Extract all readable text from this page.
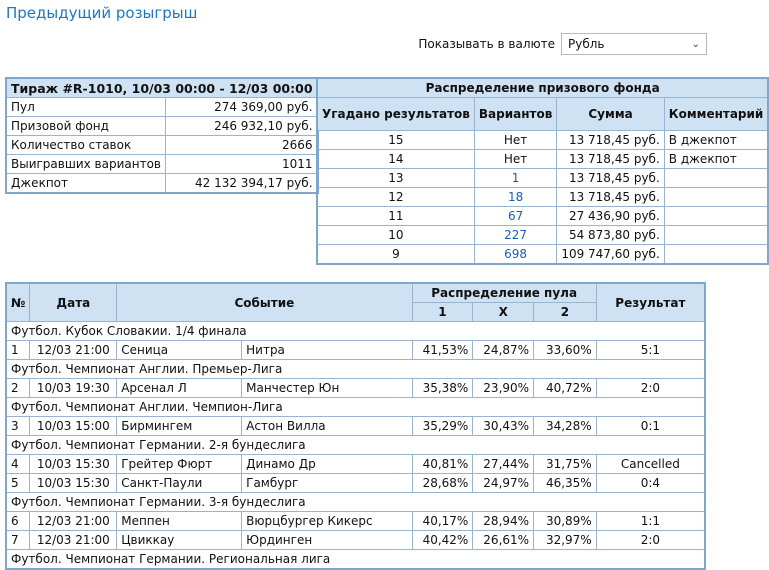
Предыдущий розыгрыш
Показывать в валюте Рубль	⌄
Тираж #R-1010, 10/03 00:00 - 12/03 00:00	
Пул	274 369,00 руб.
Призовой фонд	246 932,10 руб.
Количество ставок	2666
Выигравших вариантов	1011
Джекпот	42 132 394,17 руб.
Распределение призового фонда			
Угадано результатов	Вариантов	Сумма	Комментарий
15	Нет	13 718,45 руб.	В джекпот
14	Нет	13 718,45 руб.	В джекпот
13	1	13 718,45 руб.	
12	18	13 718,45 руб.	
11	67	27 436,90 руб.	
10	227	54 873,80 руб.	
9	698	109 747,60 руб.	
№	Дата	Событие		Распределение пула			Результат
				1	X	2	
Футбол. Кубок Словакии. 1/4 финала							
1	12/03 21:00	Сеница	Нитра	41,53%	24,87%	33,60%	5:1
Футбол. Чемпионат Англии. Премьер-Лига							
2	10/03 19:30	Арсенал Л	Манчестер Юн	35,38%	23,90%	40,72%	2:0
Футбол. Чемпионат Англии. Чемпион-Лига							
3	10/03 15:00	Бирмингем	Астон Вилла	35,29%	30,43%	34,28%	0:1
Футбол. Чемпионат Германии. 2-я бундеслига							
4	10/03 15:30	Грейтер Фюрт	Динамо Др	40,81%	27,44%	31,75%	Cancelled
5	10/03 15:30	Санкт-Паули	Гамбург	28,68%	24,97%	46,35%	0:4
Футбол. Чемпионат Германии. 3-я бундеслига							
6	12/03 21:00	Меппен	Вюрцбургер Кикерс	40,17%	28,94%	30,89%	1:1
7	12/03 21:00	Цвиккау	Юрдинген	40,42%	26,61%	32,97%	2:0
Футбол. Чемпионат Германии. Региональная лига							
